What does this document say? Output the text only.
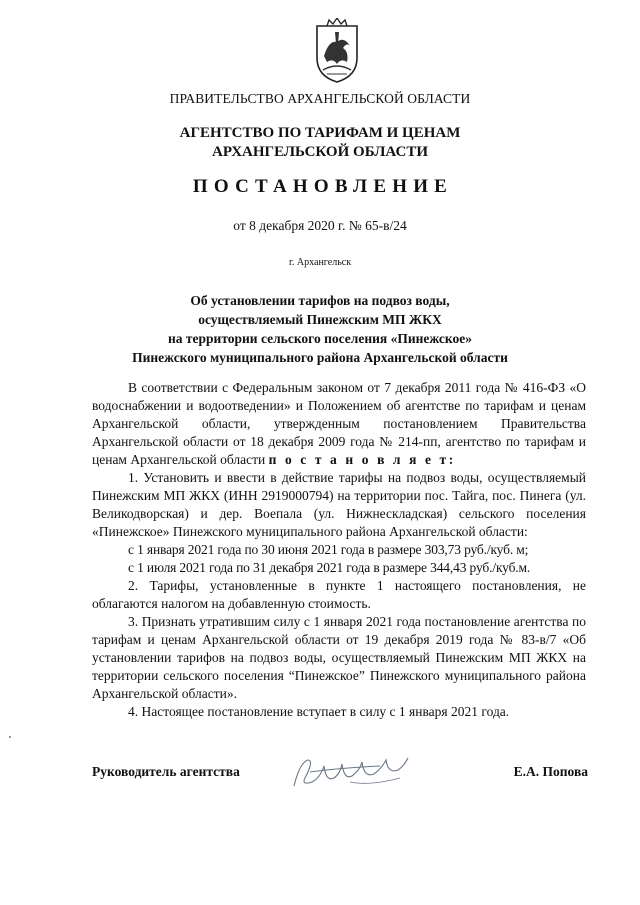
ПРАВИТЕЛЬСТВО АРХАНГЕЛЬСКОЙ ОБЛАСТИ
АГЕНТСТВО ПО ТАРИФАМ И ЦЕНАМ
АРХАНГЕЛЬСКОЙ ОБЛАСТИ
ПОСТАНОВЛЕНИЕ
от 8 декабря 2020 г. № 65-в/24
г. Архангельск
Об установлении тарифов на подвоз воды,
осуществляемый Пинежским МП ЖКХ
на территории сельского поселения «Пинежское»
Пинежского муниципального района Архангельской области

В соответствии с Федеральным законом от 7 декабря 2011 года № 416-ФЗ «О водоснабжении и водоотведении» и Положением об агентстве по тарифам и ценам Архангельской области, утвержденным постановлением Правительства Архангельской области от 18 декабря 2009 года № 214-пп, агентство по тарифам и ценам Архангельской области п о с т а н о в л я е т:

1. Установить и ввести в действие тарифы на подвоз воды, осуществляемый Пинежским МП ЖКХ (ИНН 2919000794) на территории пос. Тайга, пос. Пинега (ул. Великодворская) и дер. Воепала (ул. Нижнескладская) сельского поселения «Пинежское» Пинежского муниципального района Архангельской области:

с 1 января 2021 года по 30 июня 2021 года в размере 303,73 руб./куб. м;

с 1 июля 2021 года по 31 декабря 2021 года в размере 344,43 руб./куб.м.

2. Тарифы, установленные в пункте 1 настоящего постановления, не облагаются налогом на добавленную стоимость.

3. Признать утратившим силу с 1 января 2021 года постановление агентства по тарифам и ценам Архангельской области от 19 декабря 2019 года № 83-в/7 «Об установлении тарифов на подвоз воды, осуществляемый Пинежским МП ЖКХ на территории сельского поселения “Пинежское” Пинежского муниципального района Архангельской области».

4. Настоящее постановление вступает в силу с 1 января 2021 года.

Руководитель агентства	Е.А. Попова
